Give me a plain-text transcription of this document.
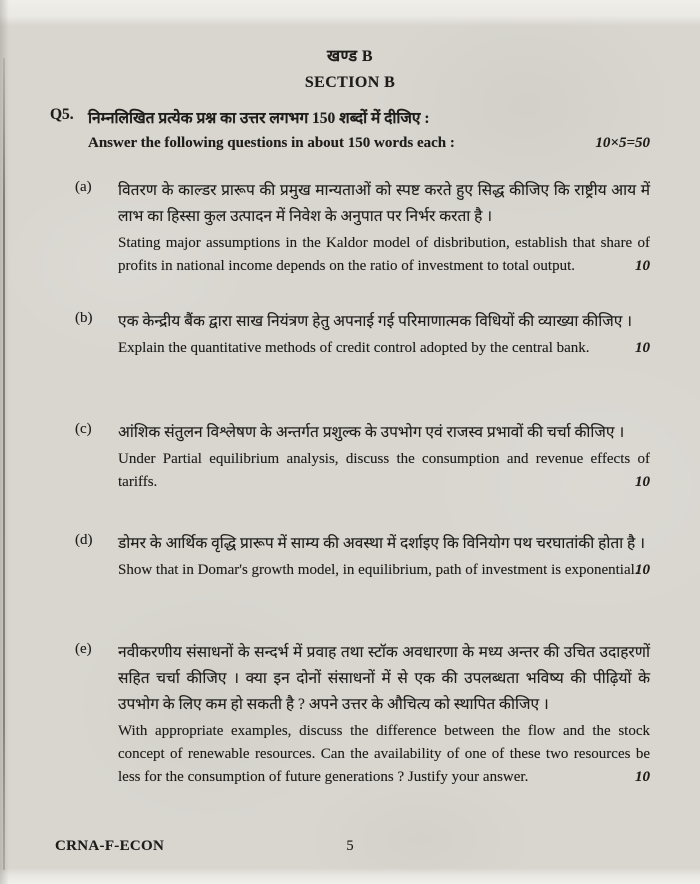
खण्ड B
SECTION B
Q5. निम्नलिखित प्रत्येक प्रश्न का उत्तर लगभग 150 शब्दों में दीजिए :

Answer the following questions in about 150 words each :	10×5=50
(a)	वितरण के काल्डर प्रारूप की प्रमुख मान्यताओं को स्पष्ट करते हुए सिद्ध कीजिए कि राष्ट्रीय आय में लाभ का हिस्सा कुल उत्पादन में निवेश के अनुपात पर निर्भर करता है ।

Stating major assumptions in the Kaldor model of disbribution, establish that share of profits in national income depends on the ratio of investment to total output.	10

(b)	एक केन्द्रीय बैंक द्वारा साख नियंत्रण हेतु अपनाई गई परिमाणात्मक विधियों की व्याख्या कीजिए ।

Explain the quantitative methods of credit control adopted by the central bank.	10

(c)	आंशिक संतुलन विश्लेषण के अन्तर्गत प्रशुल्क के उपभोग एवं राजस्व प्रभावों की चर्चा कीजिए ।

Under Partial equilibrium analysis, discuss the consumption and revenue effects of tariffs.	10

(d)	डोमर के आर्थिक वृद्धि प्रारूप में साम्य की अवस्था में दर्शाइए कि विनियोग पथ चरघातांकी होता है ।

Show that in Domar's growth model, in equilibrium, path of investment is exponential.
10

(e)	नवीकरणीय संसाधनों के सन्दर्भ में प्रवाह तथा स्टॉक अवधारणा के मध्य अन्तर की उचित उदाहरणों सहित चर्चा कीजिए । क्या इन दोनों संसाधनों में से एक की उपलब्धता भविष्य की पीढ़ियों के उपभोग के लिए कम हो सकती है ? अपने उत्तर के औचित्य को स्थापित कीजिए ।

With appropriate examples, discuss the difference between the flow and the stock concept of renewable resources. Can the availability of one of these two resources be less for the consumption of future generations ? Justify your answer.	10

CRNA-F-ECON	5
